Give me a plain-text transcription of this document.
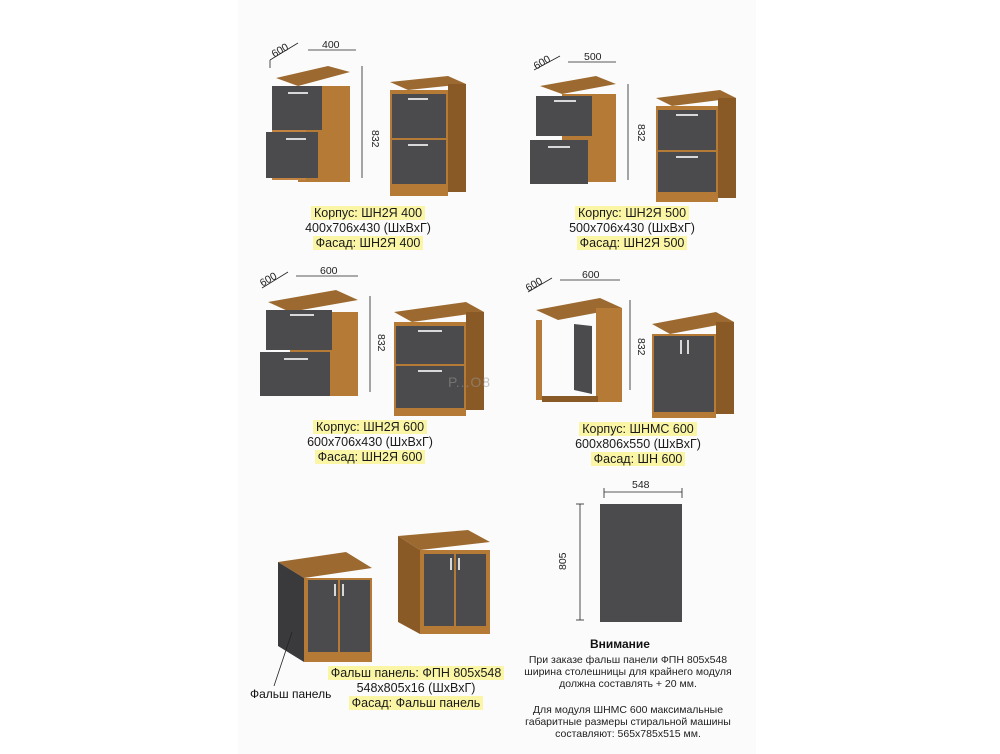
600	400
832
Корпус: ШН2Я 400
400х706х430 (ШхВхГ)
Фасад: ШН2Я 400
600	500
832
Корпус: ШН2Я 500
500х706х430 (ШхВхГ)
Фасад: ШН2Я 500
600	600
832
Корпус: ШН2Я 600
600х706х430 (ШхВхГ)
Фасад: ШН2Я 600
Р...О8
600
600
832
Корпус: ШНМС 600
600х806х550 (ШхВхГ)
Фасад: ШН 600
Фальш панель: ФПН 805х548
548х805х16 (ШхВхГ)
Фасад: Фальш панель
Фальш панель
548
805
Внимание
При заказе фальш панели ФПН 805х548
ширина столешницы для крайнего модуля
должна составлять + 20 мм.
Для модуля ШНМС 600 максимальные
габаритные размеры стиральной машины
составляют: 565х785х515 мм.
